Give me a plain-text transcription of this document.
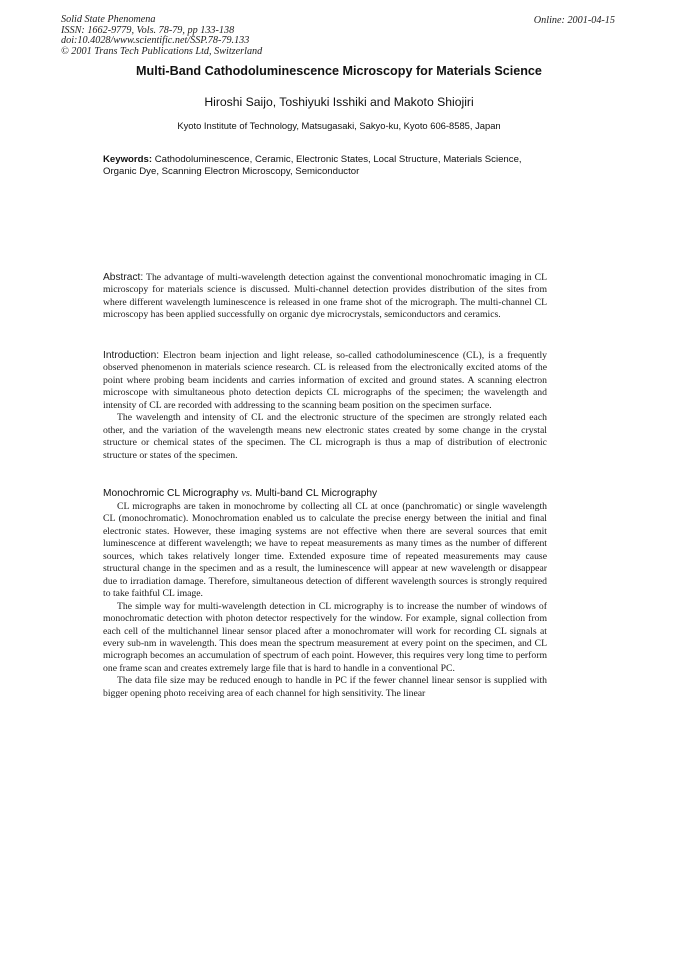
Solid State Phenomena
ISSN: 1662-9779, Vols. 78-79, pp 133-138
doi:10.4028/www.scientific.net/SSP.78-79.133
© 2001 Trans Tech Publications Ltd, Switzerland
Online: 2001-04-15
Multi-Band Cathodoluminescence Microscopy for Materials Science
Hiroshi Saijo, Toshiyuki Isshiki and Makoto Shiojiri
Kyoto Institute of Technology, Matsugasaki, Sakyo-ku, Kyoto 606-8585, Japan
Keywords: Cathodoluminescence, Ceramic, Electronic States, Local Structure, Materials Science, Organic Dye, Scanning Electron Microscopy, Semiconductor
Abstract: The advantage of multi-wavelength detection against the conventional monochromatic imaging in CL microscopy for materials science is discussed. Multi-channel detection provides distribution of the sites from where different wavelength luminescence is released in one frame shot of the micrograph. The multi-channel CL microscopy has been applied successfully on organic dye microcrystals, semiconductors and ceramics.

Introduction: Electron beam injection and light release, so-called cathodoluminescence (CL), is a frequently observed phenomenon in materials science research. CL is released from the electronically excited atoms of the point where probing beam incidents and carries information of excited and ground states. A scanning electron microscope with simultaneous photo detection depicts CL micrographs of the specimen; the wavelength and intensity of CL are recorded with addressing to the scanning beam position on the specimen surface.

The wavelength and intensity of CL and the electronic structure of the specimen are strongly related each other, and the variation of the wavelength means new electronic states created by some change in the crystal structure or chemical states of the specimen. The CL micrograph is thus a map of distribution of electronic structure or states of the specimen.

Monochromic CL Micrography vs. Multi-band CL Micrography

CL micrographs are taken in monochrome by collecting all CL at once (panchromatic) or single wavelength CL (monochromatic). Monochromation enabled us to calculate the precise energy between the initial and final electronic states. However, these imaging systems are not effective when there are several sources that emit luminescence at different wavelength; we have to repeat measurements as many times as the number of different sources, which takes relatively longer time. Extended exposure time of repeated measurements may cause structural change in the specimen and as a result, the luminescence will appear at new wavelength or disappear due to irradiation damage. Therefore, simultaneous detection of different wavelength sources is strongly required to take faithful CL image.

The simple way for multi-wavelength detection in CL micrography is to increase the number of windows of monochromatic detection with photon detector respectively for the window. For example, signal collection from each cell of the multichannel linear sensor placed after a monochromater will work for recording CL signals at every sub-nm in wavelength. This does mean the spectrum measurement at every point on the specimen, and CL micrograph becomes an accumulation of spectrum of each point. However, this requires very long time to perform one frame scan and creates extremely large file that is hard to handle in a conventional PC.

The data file size may be reduced enough to handle in PC if the fewer channel linear sensor is supplied with bigger opening photo receiving area of each channel for high sensitivity. The linear
